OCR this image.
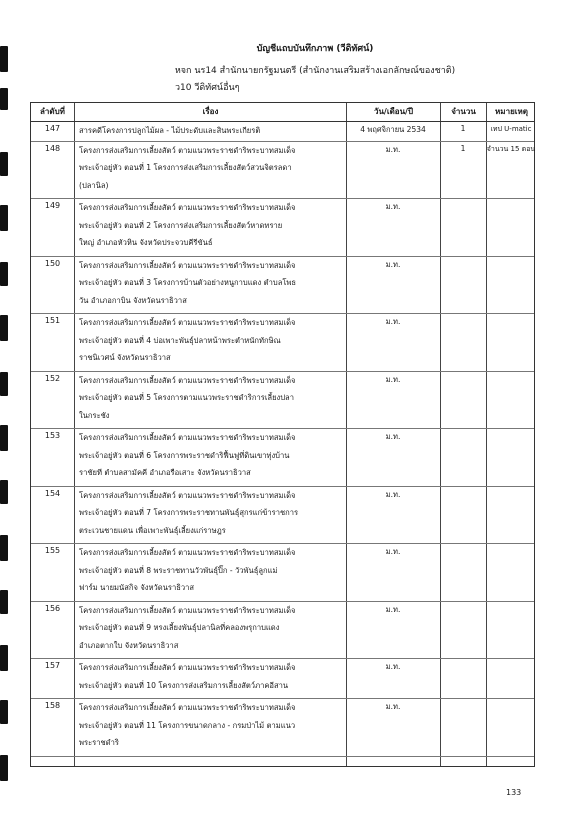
บัญชีแถบบันทึกภาพ (วีดิทัศน์)
หจก นร14 สำนักนายกรัฐมนตรี (สำนักงานเสริมสร้างเอกลักษณ์ของชาติ)
ว10 วีดิทัศน์อื่นๆ
ลำดับที่	เรื่อง	วัน/เดือน/ปี	จำนวน	หมายเหตุ
147	สารคดีโครงการปลูกไม้ผล - ไม้ประดับและสินพระเกียรติ	4 พฤศจิกายน 2534	1	เทป U-matic
148	โครงการส่งเสริมการเลี้ยงสัตว์ ตามแนวพระราชดำริพระบาทสมเด็จ
พระเจ้าอยู่หัว ตอนที่ 1 โครงการส่งเสริมการเลี้ยงสัตว์สวนจิตรลดา
(ปลานิล)
ม.ท.	1	จำนวน 15 ตอน
149	โครงการส่งเสริมการเลี้ยงสัตว์ ตามแนวพระราชดำริพระบาทสมเด็จ
พระเจ้าอยู่หัว ตอนที่ 2 โครงการส่งเสริมการเลี้ยงสัตว์หาดทราย
ใหญ่ อำเภอหัวหิน จังหวัดประจวบคีรีขันธ์
ม.ท.
150	โครงการส่งเสริมการเลี้ยงสัตว์ ตามแนวพระราชดำริพระบาทสมเด็จ
พระเจ้าอยู่หัว ตอนที่ 3 โครงการบ้านตัวอย่างหนูกาบแดง ตำบลโพธ
วัน อำเภอกาบิน จังหวัดนราธิวาส
ม.ท.
151	โครงการส่งเสริมการเลี้ยงสัตว์ ตามแนวพระราชดำริพระบาทสมเด็จ
พระเจ้าอยู่หัว ตอนที่ 4 บ่อเพาะพันธุ์ปลาหน้าพระตำหนักทักษิณ
ราชนิเวศน์ จังหวัดนราธิวาส
ม.ท.
152	โครงการส่งเสริมการเลี้ยงสัตว์ ตามแนวพระราชดำริพระบาทสมเด็จ
พระเจ้าอยู่หัว ตอนที่ 5 โครงการตามแนวพระราชดำริการเลี้ยงปลา
ในกระชัง
ม.ท.
153	โครงการส่งเสริมการเลี้ยงสัตว์ ตามแนวพระราชดำริพระบาทสมเด็จ
พระเจ้าอยู่หัว ตอนที่ 6 โครงการพระราชดำริฟื้นฟูที่ดินเขาทุ่งบ้าน
ราชัยที ตำบลสามัคคี อำเภอรือเสาะ จังหวัดนราธิวาส
ม.ท.
154	โครงการส่งเสริมการเลี้ยงสัตว์ ตามแนวพระราชดำริพระบาทสมเด็จ
พระเจ้าอยู่หัว ตอนที่ 7 โครงการพระราชทานพันธุ์สุกรแก่ข้าราชการ
ตระเวนชายแดน เพื่อเพาะพันธุ์เลี้ยงแก่ราษฎร
ม.ท.
155	โครงการส่งเสริมการเลี้ยงสัตว์ ตามแนวพระราชดำริพระบาทสมเด็จ
พระเจ้าอยู่หัว ตอนที่ 8 พระราชทานวัวพันธุ์ปิ๊ก - วัวพันธุ์ลูกแม่
ฟาร์ม นายมนัสกิจ จังหวัดนราธิวาส
ม.ท.
156	โครงการส่งเสริมการเลี้ยงสัตว์ ตามแนวพระราชดำริพระบาทสมเด็จ
พระเจ้าอยู่หัว ตอนที่ 9 หรงเลี้ยงพันธุ์ปลานิลที่คลองพรุกาบแดง
อำเภอตากใบ จังหวัดนราธิวาส
ม.ท.
157	โครงการส่งเสริมการเลี้ยงสัตว์ ตามแนวพระราชดำริพระบาทสมเด็จ
พระเจ้าอยู่หัว ตอนที่ 10 โครงการส่งเสริมการเลี้ยงสัตว์ภาคอีสาน
ม.ท.
158	โครงการส่งเสริมการเลี้ยงสัตว์ ตามแนวพระราชดำริพระบาทสมเด็จ
พระเจ้าอยู่หัว ตอนที่ 11 โครงการขนาดกลาง - กรมป่าไม้ ตามแนว
พระราชดำริ
ม.ท.
133
